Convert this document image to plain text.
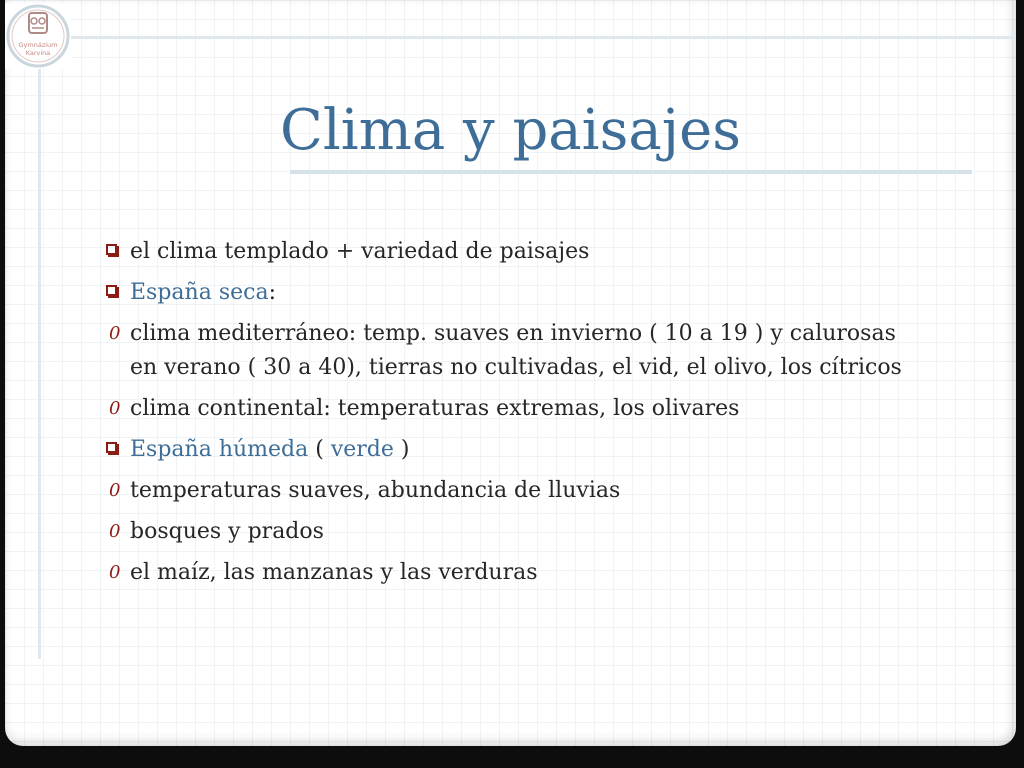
Gymnázium
Karvina
Clima y paisajes
el clima templado + variedad de paisajes
España seca:
0 clima mediterráneo: temp. suaves en invierno ( 10 a 19 ) y calurosas en verano ( 30 a 40), tierras no cultivadas, el vid, el olivo, los cítricos
0 clima continental: temperaturas extremas, los olivares
España húmeda ( verde )
0 temperaturas suaves, abundancia de lluvias
0 bosques y prados
0 el maíz, las manzanas y las verduras
